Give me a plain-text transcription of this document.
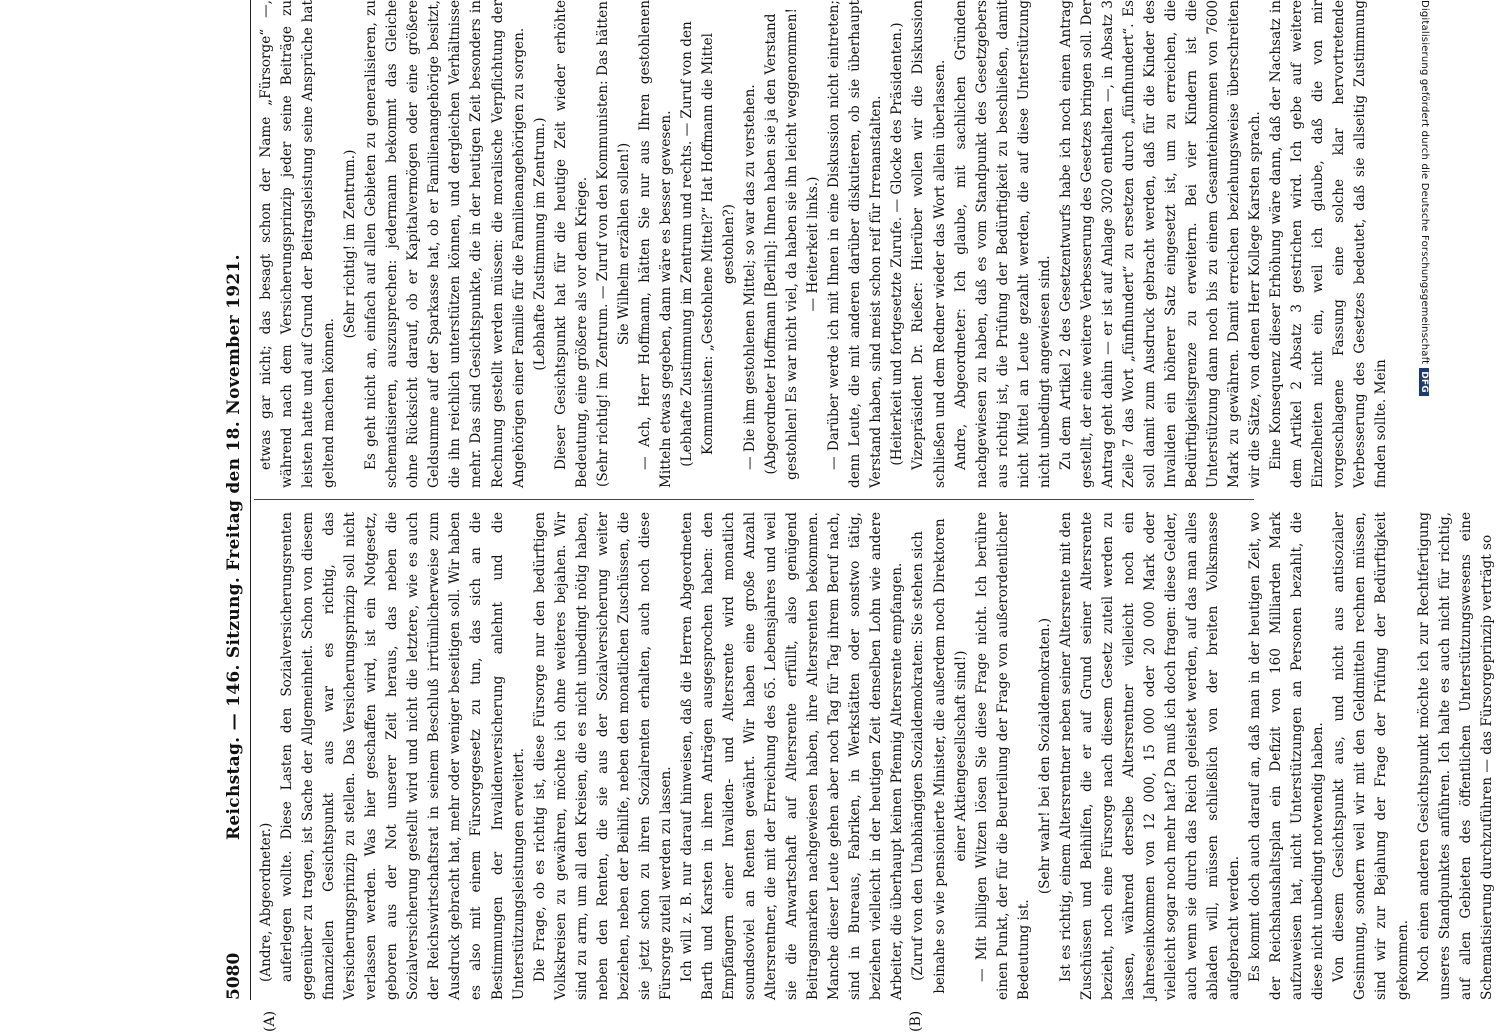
Digitalisierung gefördert durch die Deutsche ForschungsgemeinschaftDFG
5080
Reichstag. — 146. Sitzung. Freitag den 18. November 1921.
(A)	(B)

(Andre, Abgeordneter.) auferlegen wollte. Diese Lasten den Sozialversicherungsrenten gegenüber zu tragen, ist Sache der Allgemeinheit. Schon von diesem finanziellen Gesichtspunkt aus war es richtig, das Versicherungsprinzip zu stellen. Das Versicherungsprinzip soll nicht verlassen werden. Was hier geschaffen wird, ist ein Notgesetz, geboren aus der Not unserer Zeit heraus, das neben die Sozialversicherung gestellt wird und nicht die letztere, wie es auch der Reichswirtschaftsrat in seinem Beschluß irrtümlicherweise zum Ausdruck gebracht hat, mehr oder weniger beseitigen soll. Wir haben es also mit einem Fürsorgegesetz zu tun, das sich an die Bestimmungen der Invalidenversicherung anlehnt und die Unterstützungsleistungen erweitert. Die Frage, ob es richtig ist, diese Fürsorge nur den bedürftigen Volkskreisen zu gewähren, möchte ich ohne weiteres bejahen. Wir sind zu arm, um all den Kreisen, die es nicht unbedingt nötig haben, neben den Renten, die sie aus der Sozialversicherung weiter beziehen, neben der Beihilfe, neben den monatlichen Zuschüssen, die sie jetzt schon zu ihren Sozialrenten erhalten, auch noch diese Fürsorge zuteil werden zu lassen. Ich will z. B. nur darauf hinweisen, daß die Herren Abgeordneten Barth und Karsten in ihren Anträgen ausgesprochen haben: den Empfängern einer Invaliden- und Altersrente wird monatlich soundsoviel an Renten gewährt. Wir haben eine große Anzahl Altersrentner, die mit der Erreichung des 65. Lebensjahres und weil sie die Anwartschaft auf Altersrente erfüllt, also genügend Beitragsmarken nachgewiesen haben, ihre Altersrenten bekommen. Manche dieser Leute gehen aber noch Tag für Tag ihrem Beruf nach, sind in Bureaus, Fabriken, in Werkstätten oder sonstwo tätig, beziehen vielleicht in der heutigen Zeit denselben Lohn wie andere Arbeiter, die überhaupt keinen Pfennig Altersrente empfangen. (Zuruf von den Unabhängigen Sozialdemokraten: Sie stehen sich beinahe so wie pensionierte Minister, die außerdem noch Direktoren einer Aktiengesellschaft sind!) — Mit billigen Witzen lösen Sie diese Frage nicht. Ich berühre einen Punkt, der für die Beurteilung der Frage von außerordentlicher Bedeutung ist.

(Sehr wahr! bei den Sozialdemokraten.) Ist es richtig, einem Altersrentner neben seiner Altersrente mit den Zuschüssen und Beihilfen, die er auf Grund seiner Altersrente bezieht, noch eine Fürsorge nach diesem Gesetz zuteil werden zu lassen, während derselbe Altersrentner vielleicht noch ein Jahreseinkommen von 12 000, 15 000 oder 20 000 Mark oder vielleicht sogar noch mehr hat? Da muß ich doch fragen: diese Gelder, auch wenn sie durch das Reich geleistet werden, auf das man alles abladen will, müssen schließlich von der breiten Volksmasse aufgebracht werden. Es kommt doch auch darauf an, daß man in der heutigen Zeit, wo der Reichshaushaltsplan ein Defizit von 160 Milliarden Mark aufzuweisen hat, nicht Unterstützungen an Personen bezahlt, die diese nicht unbedingt notwendig haben. Von diesem Gesichtspunkt aus, und nicht aus antisozialer Gesinnung, sondern weil wir mit den Geldmitteln rechnen müssen, sind wir zur Bejahung der Frage der Prüfung der Bedürftigkeit gekommen. Noch einen anderen Gesichtspunkt möchte ich zur Rechtfertigung unseres Standpunktes anführen. Ich halte es auch nicht für richtig, auf allen Gebieten des öffentlichen Unterstützungswesens eine Schematisierung durchzuführen — das Fürsorgeprinzip verträgt so

etwas gar nicht; das besagt schon der Name „Fürsorge“ —, während nach dem Versicherungsprinzip jeder seine Beiträge zu leisten hatte und auf Grund der Beitragsleistung seine Ansprüche hat geltend machen können.

(Sehr richtig! im Zentrum.) Es geht nicht an, einfach auf allen Gebieten zu generalisieren, zu schematisieren, auszusprechen: jedermann bekommt das Gleiche ohne Rücksicht darauf, ob er Kapitalvermögen oder eine größere Geldsumme auf der Sparkasse hat, ob er Familienangehörige besitzt, die ihn reichlich unterstützen können, und dergleichen Verhältnisse mehr. Das sind Gesichtspunkte, die in der heutigen Zeit besonders in Rechnung gestellt werden müssen: die moralische Verpflichtung der Angehörigen einer Familie für die Familienangehörigen zu sorgen. (Lebhafte Zustimmung im Zentrum.) Dieser Gesichtspunkt hat für die heutige Zeit wieder erhöhte Bedeutung, eine größere als vor dem Kriege. (Sehr richtig! im Zentrum. — Zuruf von den Kommunisten: Das hätten Sie Wilhelm erzählen sollen!) — Ach, Herr Hoffmann, hätten Sie nur aus Ihren gestohlenen Mitteln etwas gegeben, dann wäre es besser gewesen. (Lebhafte Zustimmung im Zentrum und rechts. — Zuruf von den Kommunisten: „Gestohlene Mittel?“ Hat Hoffmann die Mittel gestohlen?) — Die ihm gestohlenen Mittel; so war das zu verstehen. (Abgeordneter Hoffmann [Berlin]: Ihnen haben sie ja den Verstand gestohlen! Es war nicht viel, da haben sie ihn leicht weggenommen! — Heiterkeit links.) — Darüber werde ich mit Ihnen in eine Diskussion nicht eintreten; denn Leute, die mit anderen darüber diskutieren, ob sie überhaupt Verstand haben, sind meist schon reif für Irrenanstalten. (Heiterkeit und fortgesetzte Zurufe. — Glocke des Präsidenten.) Vizepräsident Dr. Rießer: Hierüber wollen wir die Diskussion schließen und dem Redner wieder das Wort allein überlassen. Andre, Abgeordneter: Ich glaube, mit sachlichen Gründen nachgewiesen zu haben, daß es vom Standpunkt des Gesetzgebers aus richtig ist, die Prüfung der Bedürftigkeit zu beschließen, damit nicht Mittel an Leute gezahlt werden, die auf diese Unterstützung nicht unbedingt angewiesen sind. Zu dem Artikel 2 des Gesetzentwurfs habe ich noch einen Antrag gestellt, der eine weitere Verbesserung des Gesetzes bringen soll. Der Antrag geht dahin — er ist auf Anlage 3020 enthalten —, in Absatz 3 Zeile 7 das Wort „fünfhundert“ zu ersetzen durch „fünfhundert“. Es soll damit zum Ausdruck gebracht werden, daß für die Kinder des Invaliden ein höherer Satz eingesetzt ist, um zu erreichen, die Bedürftigkeitsgrenze zu erweitern. Bei vier Kindern ist die Unterstützung dann noch bis zu einem Gesamteinkommen von 7600 Mark zu gewähren. Damit erreichen beziehungsweise überschreiten wir die Sätze, von denen Herr Kollege Karsten sprach. Eine Konsequenz dieser Erhöhung wäre dann, daß der Nachsatz in dem Artikel 2 Absatz 3 gestrichen wird. Ich gebe auf weitere Einzelheiten nicht ein, weil ich glaube, daß die von mir vorgeschlagene Fassung eine solche klar hervortretende Verbesserung des Gesetzes bedeutet, daß sie allseitig Zustimmung finden sollte. Mein
